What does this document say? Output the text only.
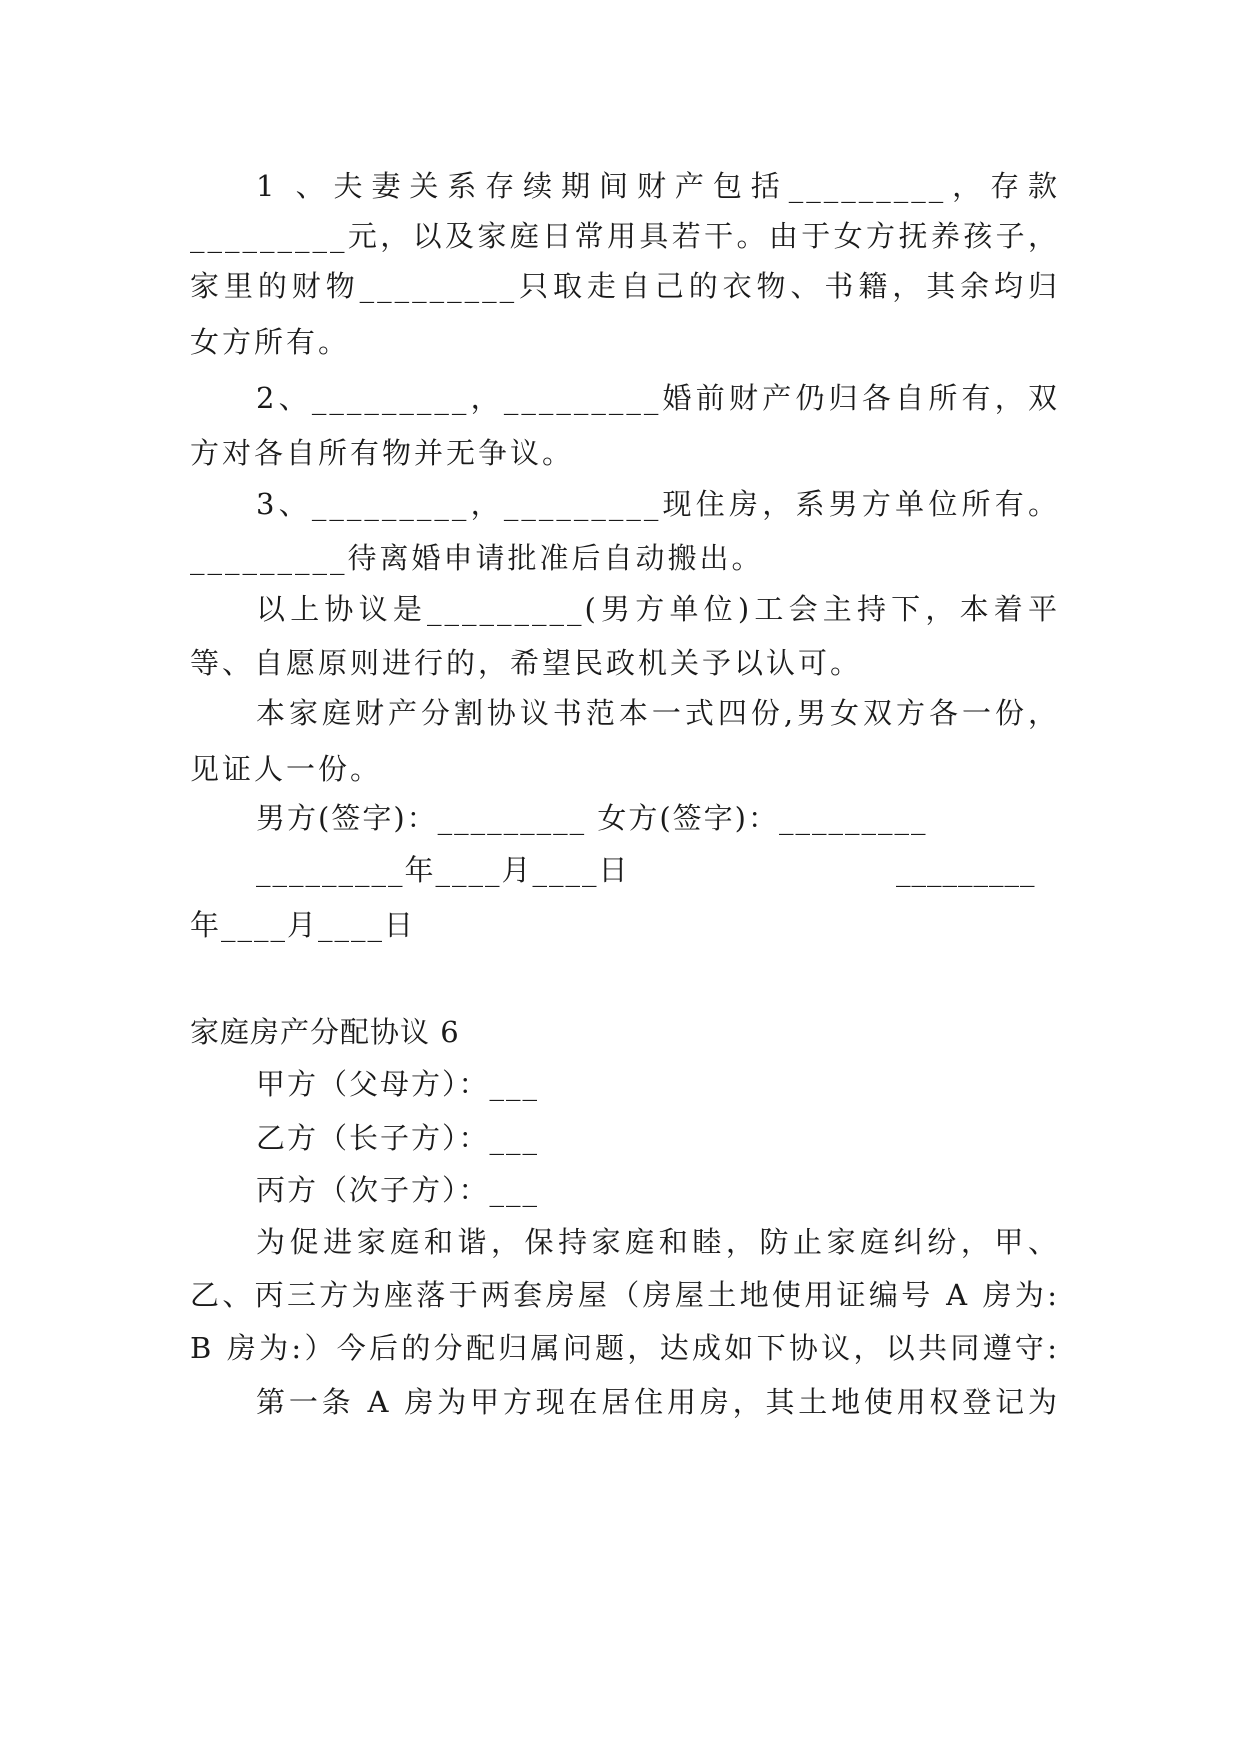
1 、夫妻关系存续期间财产包括_________，存款
_________元，以及家庭日常用具若干。由于女方抚养孩子，
家里的财物_________只取走自己的衣物、书籍，其余均归
女方所有。
2、_________，_________婚前财产仍归各自所有，双
方对各自所有物并无争议。
3、_________，_________现住房，系男方单位所有。
_________待离婚申请批准后自动搬出。
以上协议是_________(男方单位)工会主持下，本着平
等、自愿原则进行的，希望民政机关予以认可。
本家庭财产分割协议书范本一式四份,男女双方各一份，
见证人一份。
男方(签字)：_________ 女方(签字)：_________
_________年____月____日	_________
年____月____日
家庭房产分配协议 6
甲方（父母方）：___
乙方（长子方）：___
丙方（次子方）：___
为促进家庭和谐，保持家庭和睦，防止家庭纠纷，甲、
乙、丙三方为座落于两套房屋（房屋土地使用证编号 A 房为:
B 房为:）今后的分配归属问题，达成如下协议，以共同遵守:
第一条 A 房为甲方现在居住用房，其土地使用权登记为
